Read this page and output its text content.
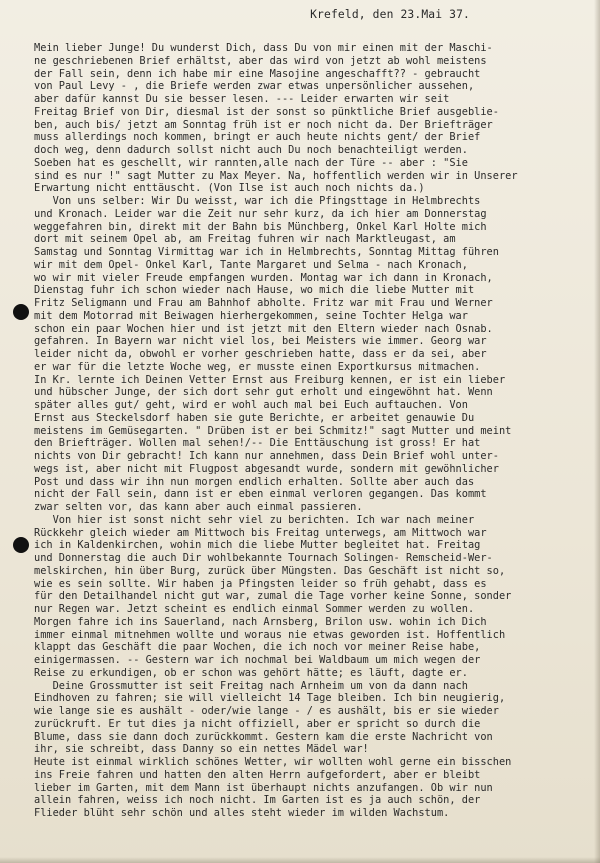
Krefeld, den 23.Mai 37.
Mein lieber Junge! Du wunderst Dich, dass Du von mir einen mit der Maschi-
ne geschriebenen Brief erhältst, aber das wird von jetzt ab wohl meistens
der Fall sein, denn ich habe mir eine Masojine angeschafft?? - gebraucht
von Paul Levy - , die Briefe werden zwar etwas unpersönlicher aussehen,
aber dafür kannst Du sie besser lesen. --- Leider erwarten wir seit
Freitag Brief von Dir, diesmal ist der sonst so pünktliche Brief ausgeblie-
ben, auch bis/ jetzt am Sonntag früh ist er noch nicht da. Der Briefträger
muss allerdings noch kommen, bringt er auch heute nichts gent/ der Brief
doch weg, denn dadurch sollst nicht auch Du noch benachteiligt werden.
Soeben hat es geschellt, wir rannten,alle nach der Türe -- aber : "Sie
sind es nur !" sagt Mutter zu Max Meyer. Na, hoffentlich werden wir in Unserer
Erwartung nicht enttäuscht. (Von Ilse ist auch noch nichts da.)
Von uns selber: Wir Du weisst, war ich die Pfingsttage in Helmbrechts
und Kronach. Leider war die Zeit nur sehr kurz, da ich hier am Donnerstag
weggefahren bin, direkt mit der Bahn bis Münchberg, Onkel Karl Holte mich
dort mit seinem Opel ab, am Freitag fuhren wir nach Marktleugast, am
Samstag und Sonntag Virmittag war ich in Helmbrechts, Sonntag Mittag führen
wir mit dem Opel- Onkel Karl, Tante Margaret und Selma - nach Kronach,
wo wir mit vieler Freude empfangen wurden. Montag war ich dann in Kronach,
Dienstag fuhr ich schon wieder nach Hause, wo mich die liebe Mutter mit
Fritz Seligmann und Frau am Bahnhof abholte. Fritz war mit Frau und Werner
mit dem Motorrad mit Beiwagen hierhergekommen, seine Tochter Helga war
schon ein paar Wochen hier und ist jetzt mit den Eltern wieder nach Osnab.
gefahren. In Bayern war nicht viel los, bei Meisters wie immer. Georg war
leider nicht da, obwohl er vorher geschrieben hatte, dass er da sei, aber
er war für die letzte Woche weg, er musste einen Exportkursus mitmachen.
In Kr. lernte ich Deinen Vetter Ernst aus Freiburg kennen, er ist ein lieber
und hübscher Junge, der sich dort sehr gut erholt und eingewöhnt hat. Wenn
später alles gut/ geht, wird er wohl auch mal bei Euch auftauchen. Von
Ernst aus Steckelsdorf haben sie gute Berichte, er arbeitet genauwie Du
meistens im Gemüsegarten. " Drüben ist er bei Schmitz!" sagt Mutter und meint
den Briefträger. Wollen mal sehen!/-- Die Enttäuschung ist gross! Er hat
nichts von Dir gebracht! Ich kann nur annehmen, dass Dein Brief wohl unter-
wegs ist, aber nicht mit Flugpost abgesandt wurde, sondern mit gewöhnlicher
Post und dass wir ihn nun morgen endlich erhalten. Sollte aber auch das
nicht der Fall sein, dann ist er eben einmal verloren gegangen. Das kommt
zwar selten vor, das kann aber auch einmal passieren.
Von hier ist sonst nicht sehr viel zu berichten. Ich war nach meiner
Rückkehr gleich wieder am Mittwoch bis Freitag unterwegs, am Mittwoch war
ich in Kaldenkirchen, wohin mich die liebe Mutter begleitet hat. Freitag
und Donnerstag die auch Dir wohlbekannte Tournach Solingen- Remscheid-Wer-
melskirchen, hin über Burg, zurück über Müngsten. Das Geschäft ist nicht so,
wie es sein sollte. Wir haben ja Pfingsten leider so früh gehabt, dass es
für den Detailhandel nicht gut war, zumal die Tage vorher keine Sonne, sonder
nur Regen war. Jetzt scheint es endlich einmal Sommer werden zu wollen.
Morgen fahre ich ins Sauerland, nach Arnsberg, Brilon usw. wohin ich Dich
immer einmal mitnehmen wollte und woraus nie etwas geworden ist. Hoffentlich
klappt das Geschäft die paar Wochen, die ich noch vor meiner Reise habe,
einigermassen. -- Gestern war ich nochmal bei Waldbaum um mich wegen der
Reise zu erkundigen, ob er schon was gehört hätte; es läuft, dagte er.
Deine Grossmutter ist seit Freitag nach Arnheim um von da dann nach
Eindhoven zu fahren; sie will vielleicht 14 Tage bleiben. Ich bin neugierig,
wie lange sie es aushält - oder/wie lange - / es aushält, bis er sie wieder
zurückruft. Er tut dies ja nicht offiziell, aber er spricht so durch die
Blume, dass sie dann doch zurückkommt. Gestern kam die erste Nachricht von
ihr, sie schreibt, dass Danny so ein nettes Mädel war!
Heute ist einmal wirklich schönes Wetter, wir wollten wohl gerne ein bisschen
ins Freie fahren und hatten den alten Herrn aufgefordert, aber er bleibt
lieber im Garten, mit dem Mann ist überhaupt nichts anzufangen. Ob wir nun
allein fahren, weiss ich noch nicht. Im Garten ist es ja auch schön, der
Flieder blüht sehr schön und alles steht wieder im wilden Wachstum.
